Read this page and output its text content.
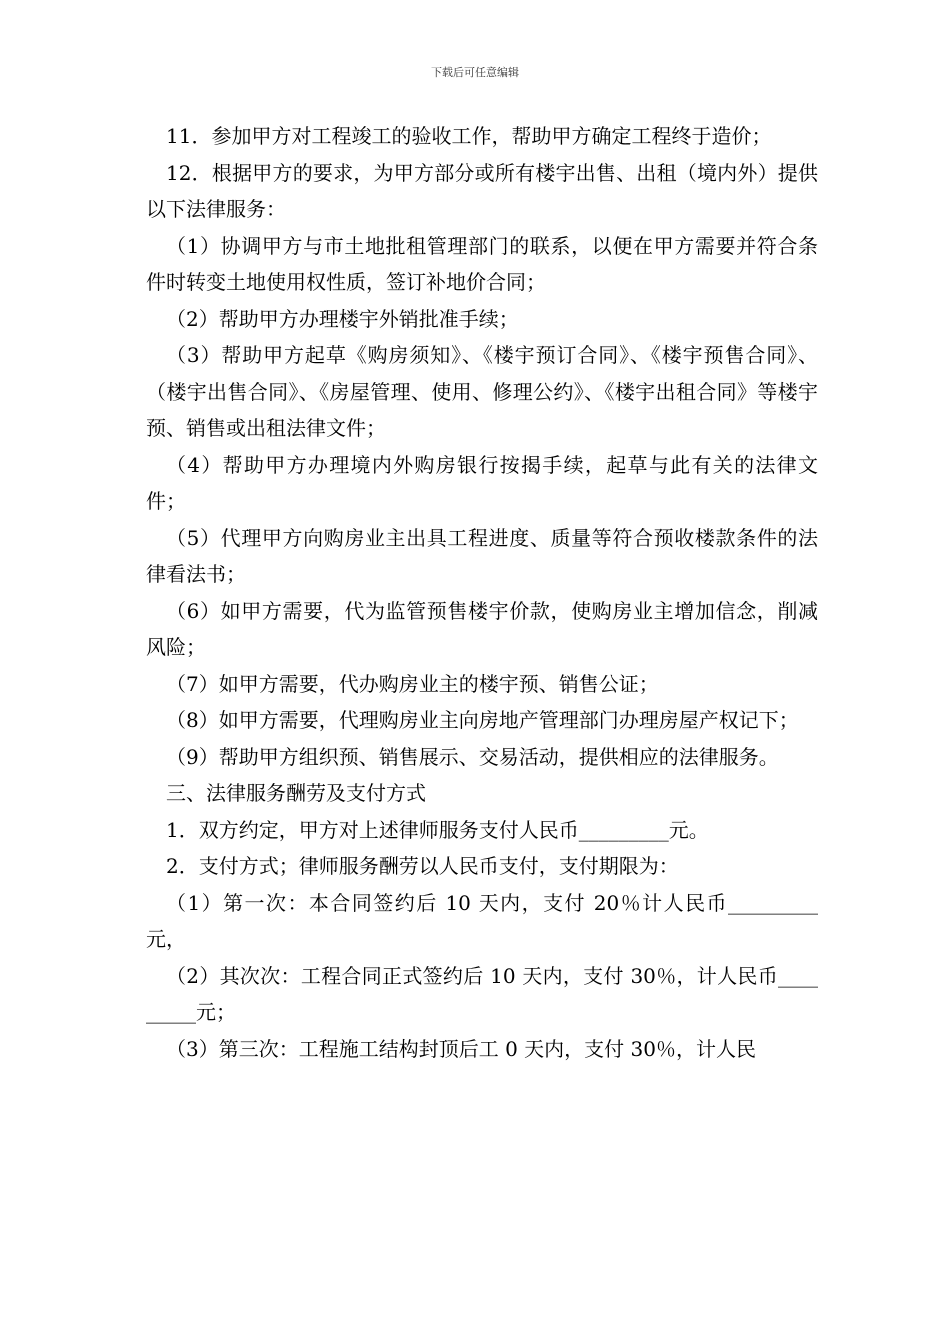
下载后可任意编辑
11．参加甲方对工程竣工的验收工作，帮助甲方确定工程终于造价；
12．根据甲方的要求，为甲方部分或所有楼宇出售、出租（境内外）提供以下法律服务：
（1）协调甲方与市土地批租管理部门的联系，以便在甲方需要并符合条件时转变土地使用权性质，签订补地价合同；
（2）帮助甲方办理楼宇外销批准手续；
（3）帮助甲方起草《购房须知》、《楼宇预订合同》、《楼宇预售合同》、（楼宇出售合同》、《房屋管理、使用、修理公约》、《楼宇出租合同》等楼宇预、销售或出租法律文件；
（4）帮助甲方办理境内外购房银行按揭手续，起草与此有关的法律文件；
（5）代理甲方向购房业主出具工程进度、质量等符合预收楼款条件的法律看法书；
（6）如甲方需要，代为监管预售楼宇价款，使购房业主增加信念，削减风险；
（7）如甲方需要，代办购房业主的楼宇预、销售公证；
（8）如甲方需要，代理购房业主向房地产管理部门办理房屋产权记下；
（9）帮助甲方组织预、销售展示、交易活动，提供相应的法律服务。
三、法律服务酬劳及支付方式
1．双方约定，甲方对上述律师服务支付人民币_________元。
2．支付方式；律师服务酬劳以人民币支付，支付期限为：
（1）第一次：本合同签约后 10 天内，支付 20％计人民币_________元，
（2）其次次：工程合同正式签约后 10 天内，支付 30％，计人民币_________元；
（3）第三次：工程施工结构封顶后工 0 天内，支付 30％，计人民
